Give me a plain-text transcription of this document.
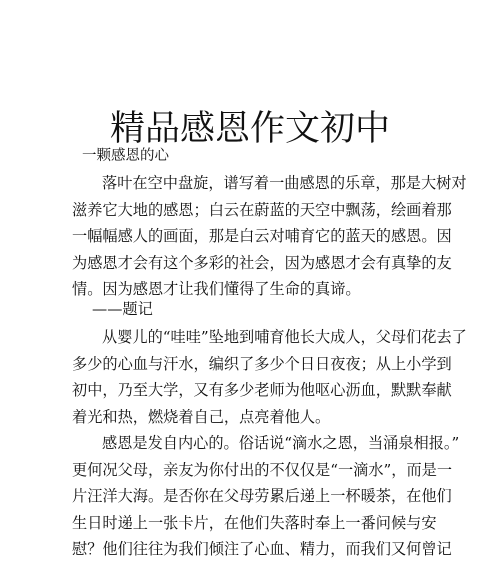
精品感恩作文初中
一颗感恩的心
落叶在空中盘旋，谱写着一曲感恩的乐章，那是大树对
滋养它大地的感恩；白云在蔚蓝的天空中飘荡，绘画着那
一幅幅感人的画面，那是白云对哺育它的蓝天的感恩。因
为感恩才会有这个多彩的社会，因为感恩才会有真挚的友
情。因为感恩才让我们懂得了生命的真谛。
——题记
从婴儿的“哇哇”坠地到哺育他长大成人，父母们花去了
多少的心血与汗水，编织了多少个日日夜夜；从上小学到
初中，乃至大学，又有多少老师为他呕心沥血，默默奉献
着光和热，燃烧着自己，点亮着他人。
感恩是发自内心的。俗话说“滴水之恩，当涌泉相报。”
更何况父母，亲友为你付出的不仅仅是“一滴水”，而是一
片汪洋大海。是否你在父母劳累后递上一杯暖茶，在他们
生日时递上一张卡片，在他们失落时奉上一番问候与安
慰？他们往往为我们倾注了心血、精力，而我们又何曾记
